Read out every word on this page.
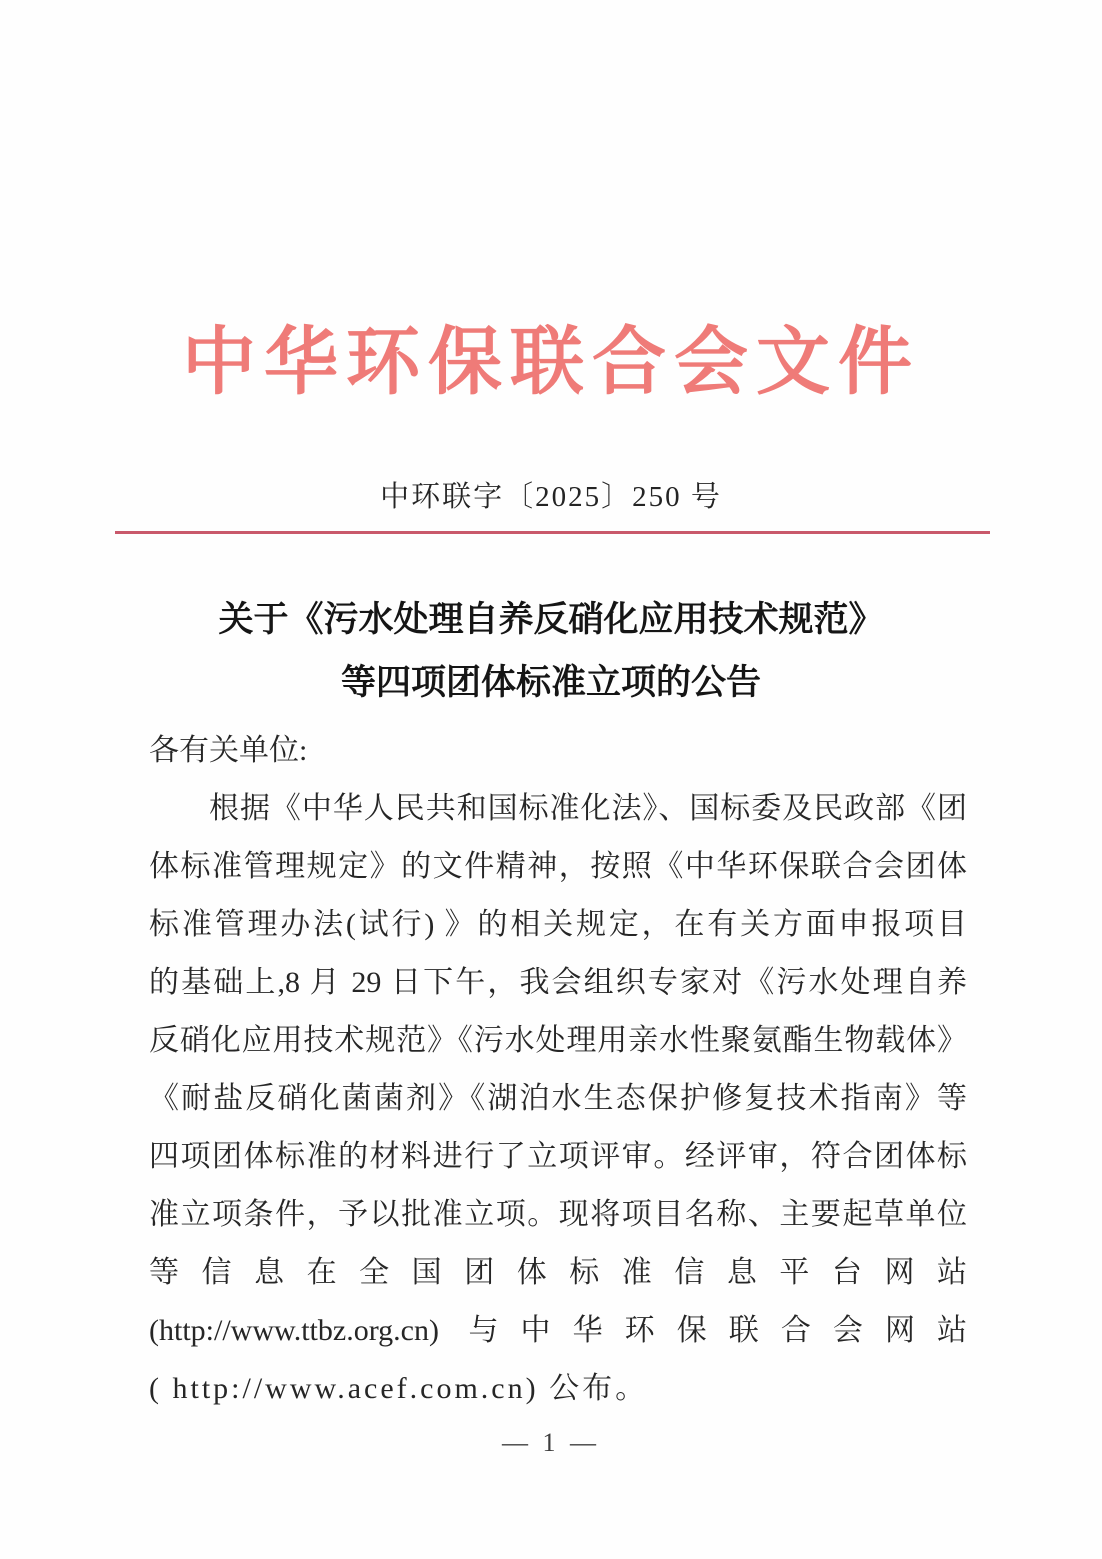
中华环保联合会文件
中环联字〔2025〕250 号
关于《污水处理自养反硝化应用技术规范》
等四项团体标准立项的公告
各有关单位:
根据《中华人民共和国标准化法》、国标委及民政部《团
体标准管理规定》的文件精神，按照《中华环保联合会团体
标准管理办法(试行) 》的相关规定，在有关方面申报项目
的基础上,8 月 29 日下午，我会组织专家对《污水处理自养
反硝化应用技术规范》《污水处理用亲水性聚氨酯生物载体》
《耐盐反硝化菌菌剂》《湖泊水生态保护修复技术指南》等
四项团体标准的材料进行了立项评审。经评审，符合团体标
准立项条件，予以批准立项。现将项目名称、主要起草单位
等信息在全国团体标准信息平台网站
(http://www.ttbz.org.cn) 与中华环保联合会网站
( http://www.acef.com.cn) 公布。
— 1 —
